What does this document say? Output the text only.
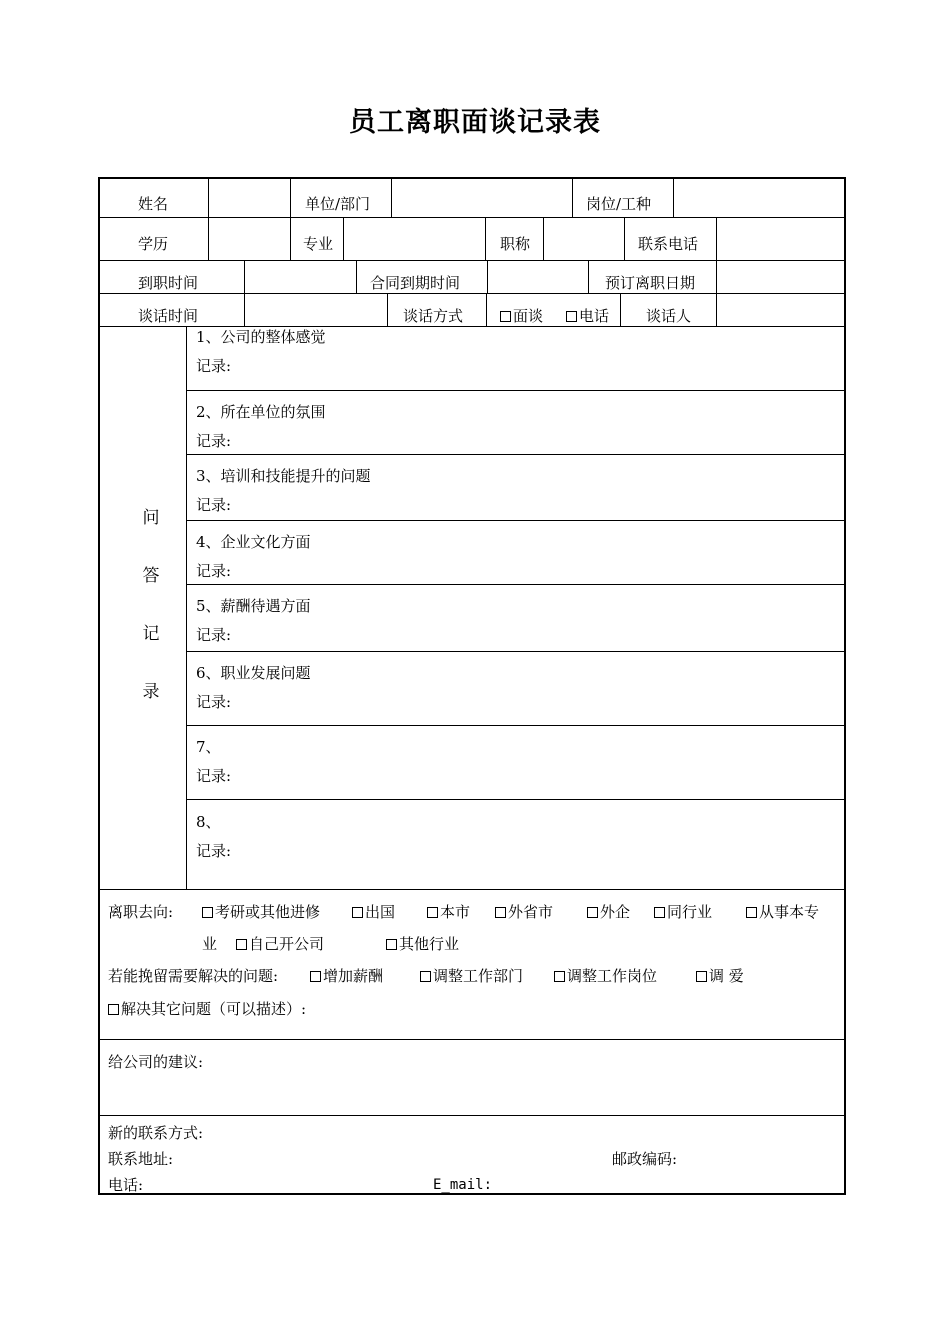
员工离职面谈记录表
姓名	单位/部门	岗位/工种
学历	专业	职称	联系电话
到职时间	合同到期时间	预订离职日期
谈话时间	谈话方式	面谈	电话 谈话人
问
答
记
录
1、公司的整体感觉
记录:
2、所在单位的氛围
记录:
3、培训和技能提升的问题
记录:
4、企业文化方面
记录:
5、薪酬待遇方面
记录:
6、职业发展问题
记录:
7、
记录:
8、
记录:
离职去向:	考研或其他进修	出国	本市	外省市	外企	同行业	从事本专
业	自己开公司	其他行业
若能挽留需要解决的问题:	增加薪酬	调整工作部门	调整工作岗位	调 爱
解决其它问题（可以描述）:
给公司的建议:
新的联系方式:
联系地址:	邮政编码:
电话:	E_mail:
